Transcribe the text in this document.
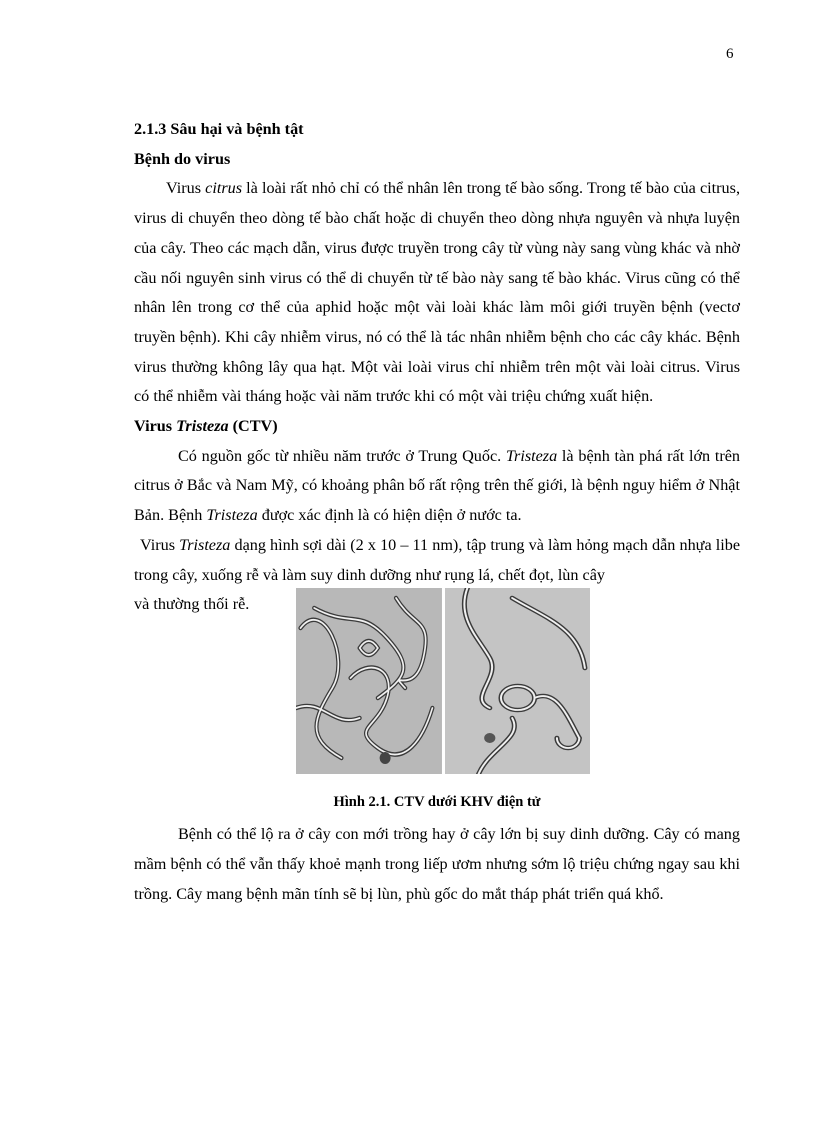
6

2.1.3 Sâu hại và bệnh tật

Bệnh do virus

Virus citrus là loài rất nhỏ chỉ có thể nhân lên trong tế bào sống. Trong tế bào của citrus, virus di chuyển theo dòng tế bào chất hoặc di chuyển theo dòng nhựa nguyên và nhựa luyện của cây. Theo các mạch dẫn, virus được truyền trong cây từ vùng này sang vùng khác và nhờ cầu nối nguyên sinh virus có thể di chuyển từ tế bào này sang tế bào khác. Virus cũng có thể nhân lên trong cơ thể của aphid hoặc một vài loài khác làm môi giới truyền bệnh (vectơ truyền bệnh). Khi cây nhiễm virus, nó có thể là tác nhân nhiễm bệnh cho các cây khác. Bệnh virus thường không lây qua hạt. Một vài loài virus chỉ nhiễm trên một vài loài citrus. Virus có thể nhiễm vài tháng hoặc vài năm trước khi có một vài triệu chứng xuất hiện.

Virus Tristeza (CTV)

Có nguồn gốc từ nhiều năm trước ở Trung Quốc. Tristeza là bệnh tàn phá rất lớn trên citrus ở Bắc và Nam Mỹ, có khoảng phân bố rất rộng trên thế giới, là bệnh nguy hiểm ở Nhật Bản. Bệnh Tristeza được xác định là có hiện diện ở nước ta.

Virus Tristeza dạng hình sợi dài (2 x 10 – 11 nm), tập trung và làm hỏng mạch dẫn nhựa libe trong cây, xuống rễ và làm suy dinh dưỡng như rụng lá, chết đọt, lùn cây

và thường thối rễ.

Hình 2.1. CTV dưới KHV điện tử

Bệnh có thể lộ ra ở cây con mới trồng hay ở cây lớn bị suy dinh dưỡng. Cây có mang mầm bệnh có thể vẫn thấy khoẻ mạnh trong liếp ươm nhưng sớm lộ triệu chứng ngay sau khi trồng. Cây mang bệnh mãn tính sẽ bị lùn, phù gốc do mắt tháp phát triển quá khổ.
